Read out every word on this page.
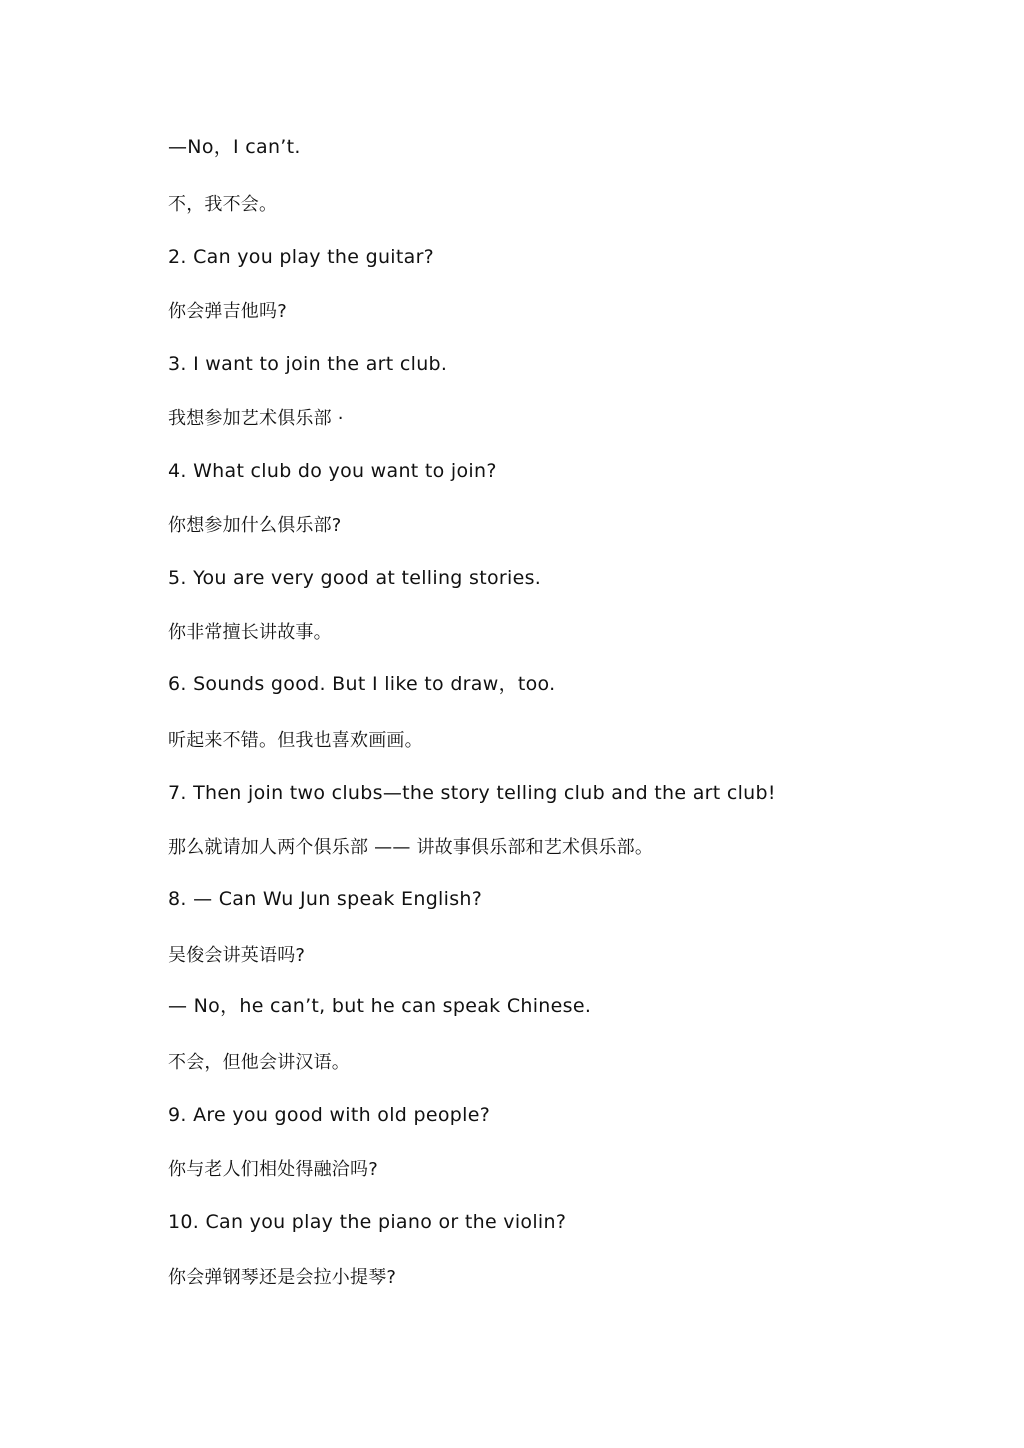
—No，I can’t.
不，我不会。
2. Can you play the guitar?
你会弹吉他吗?
3. I want to join the art club.
我想参加艺术俱乐部 ·
4. What club do you want to join?
你想参加什么俱乐部?
5. You are very good at telling stories.
你非常擅长讲故事。
6. Sounds good. But I like to draw，too.
听起来不错。但我也喜欢画画。
7. Then join two clubs—the story telling club and the art club!
那么就请加人两个俱乐部 —— 讲故事俱乐部和艺术俱乐部。
8. — Can Wu Jun speak English?
吴俊会讲英语吗?
— No，he can’t, but he can speak Chinese.
不会，但他会讲汉语。
9. Are you good with old people?
你与老人们相处得融洽吗?
10. Can you play the piano or the violin?
你会弹钢琴还是会拉小提琴?
